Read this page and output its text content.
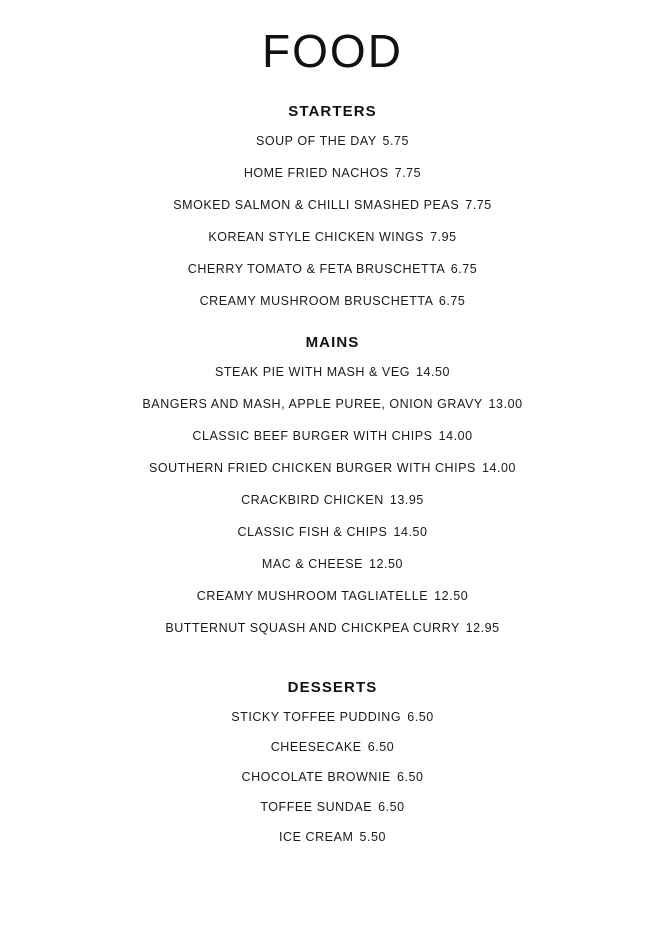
FOOD
STARTERS
SOUP OF THE DAY 5.75
HOME FRIED NACHOS 7.75
SMOKED SALMON & CHILLI SMASHED PEAS 7.75
KOREAN STYLE CHICKEN WINGS 7.95
CHERRY TOMATO & FETA BRUSCHETTA 6.75
CREAMY MUSHROOM BRUSCHETTA 6.75
MAINS
STEAK PIE WITH MASH & VEG 14.50
BANGERS AND MASH, APPLE PUREE, ONION GRAVY 13.00
CLASSIC BEEF BURGER WITH CHIPS 14.00
SOUTHERN FRIED CHICKEN BURGER WITH CHIPS 14.00
CRACKBIRD CHICKEN 13.95
CLASSIC FISH & CHIPS 14.50
MAC & CHEESE 12.50
CREAMY MUSHROOM TAGLIATELLE 12.50
BUTTERNUT SQUASH AND CHICKPEA CURRY 12.95
DESSERTS
STICKY TOFFEE PUDDING 6.50
CHEESECAKE 6.50
CHOCOLATE BROWNIE 6.50
TOFFEE SUNDAE 6.50
ICE CREAM 5.50
